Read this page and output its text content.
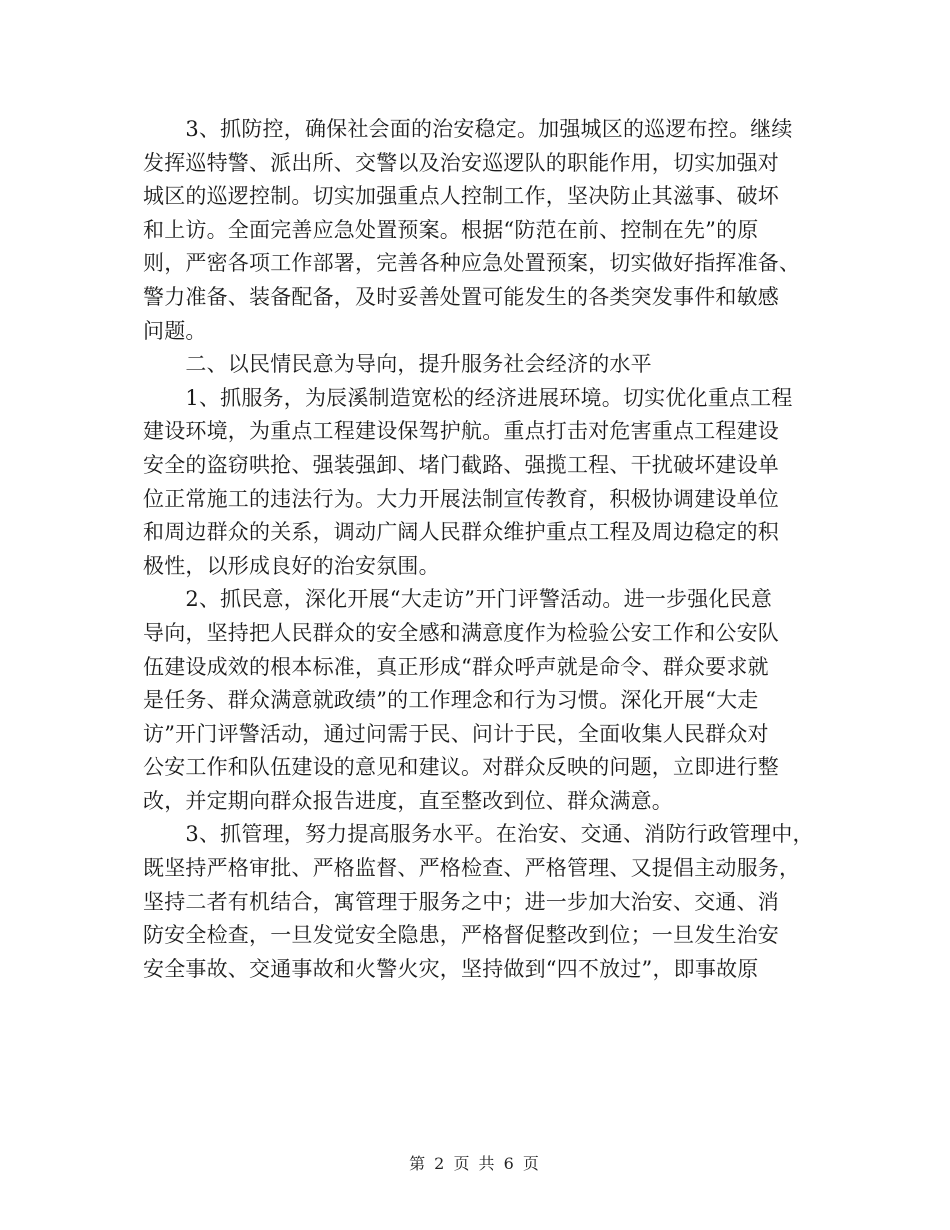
　　3、抓防控，确保社会面的治安稳定。加强城区的巡逻布控。继续
发挥巡特警、派出所、交警以及治安巡逻队的职能作用，切实加强对
城区的巡逻控制。切实加强重点人控制工作，坚决防止其滋事、破坏
和上访。全面完善应急处置预案。根据“防范在前、控制在先”的原
则，严密各项工作部署，完善各种应急处置预案，切实做好指挥准备、
警力准备、装备配备，及时妥善处置可能发生的各类突发事件和敏感
问题。
　　二、以民情民意为导向，提升服务社会经济的水平
　　1、抓服务，为辰溪制造宽松的经济进展环境。切实优化重点工程
建设环境，为重点工程建设保驾护航。重点打击对危害重点工程建设
安全的盗窃哄抢、强装强卸、堵门截路、强揽工程、干扰破坏建设单
位正常施工的违法行为。大力开展法制宣传教育，积极协调建设单位
和周边群众的关系，调动广阔人民群众维护重点工程及周边稳定的积
极性，以形成良好的治安氛围。
　　2、抓民意，深化开展“大走访”开门评警活动。进一步强化民意
导向，坚持把人民群众的安全感和满意度作为检验公安工作和公安队
伍建设成效的根本标准，真正形成“群众呼声就是命令、群众要求就
是任务、群众满意就政绩”的工作理念和行为习惯。深化开展“大走
访”开门评警活动，通过问需于民、问计于民，全面收集人民群众对
公安工作和队伍建设的意见和建议。对群众反映的问题，立即进行整
改，并定期向群众报告进度，直至整改到位、群众满意。
　　3、抓管理，努力提高服务水平。在治安、交通、消防行政管理中，
既坚持严格审批、严格监督、严格检查、严格管理、又提倡主动服务，
坚持二者有机结合，寓管理于服务之中；进一步加大治安、交通、消
防安全检查，一旦发觉安全隐患，严格督促整改到位；一旦发生治安
安全事故、交通事故和火警火灾，坚持做到“四不放过”，即事故原
第 2 页 共 6 页
